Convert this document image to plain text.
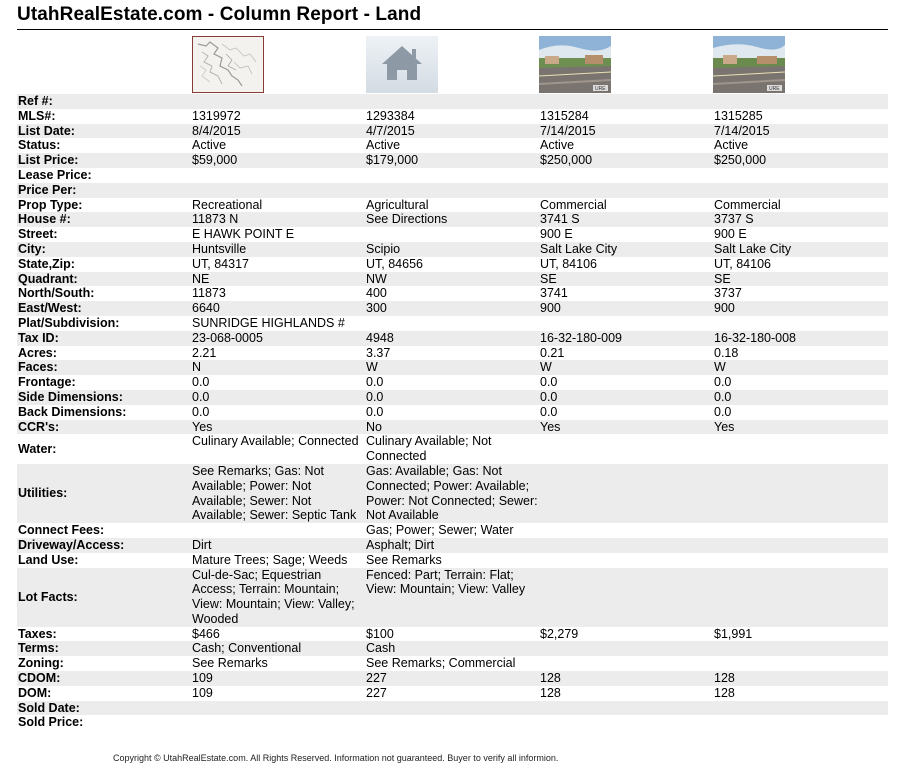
UtahRealEstate.com - Column Report - Land
URE	URE
Ref #:				
MLS#:	1319972	1293384	1315284	1315285
List Date:	8/4/2015	4/7/2015	7/14/2015	7/14/2015
Status:	Active	Active	Active	Active
List Price:	$59,000	$179,000	$250,000	$250,000
Lease Price:				
Price Per:				
Prop Type:	Recreational	Agricultural	Commercial	Commercial
House #:	11873 N	See Directions	3741 S	3737 S
Street:	E HAWK POINT E		900 E	900 E
City:	Huntsville	Scipio	Salt Lake City	Salt Lake City
State,Zip:	UT, 84317	UT, 84656	UT, 84106	UT, 84106
Quadrant:	NE	NW	SE	SE
North/South:	11873	400	3741	3737
East/West:	6640	300	900	900
Plat/Subdivision:	SUNRIDGE HIGHLANDS #			
Tax ID:	23-068-0005	4948	16-32-180-009	16-32-180-008
Acres:	2.21	3.37	0.21	0.18
Faces:	N	W	W	W
Frontage:	0.0	0.0	0.0	0.0
Side Dimensions:	0.0	0.0	0.0	0.0
Back Dimensions:	0.0	0.0	0.0	0.0
CCR's:	Yes	No	Yes	Yes
Water:	Culinary Available; Connected	Culinary Available; Not Connected		
Utilities:	See Remarks; Gas: Not Available; Power: Not Available; Sewer: Not Available; Sewer: Septic Tank	Gas: Available; Gas: Not Connected; Power: Available; Power: Not Connected; Sewer: Not Available		
Connect Fees:		Gas; Power; Sewer; Water		
Driveway/Access:	Dirt	Asphalt; Dirt		
Land Use:	Mature Trees; Sage; Weeds	See Remarks		
Lot Facts:	Cul-de-Sac; Equestrian Access; Terrain: Mountain; View: Mountain; View: Valley; Wooded	Fenced: Part; Terrain: Flat; View: Mountain; View: Valley		
Taxes:	$466	$100	$2,279	$1,991
Terms:	Cash; Conventional	Cash		
Zoning:	See Remarks	See Remarks; Commercial		
CDOM:	109	227	128	128
DOM:	109	227	128	128
Sold Date:				
Sold Price:				
Copyright © UtahRealEstate.com. All Rights Reserved. Information not guaranteed. Buyer to verify all informion.
